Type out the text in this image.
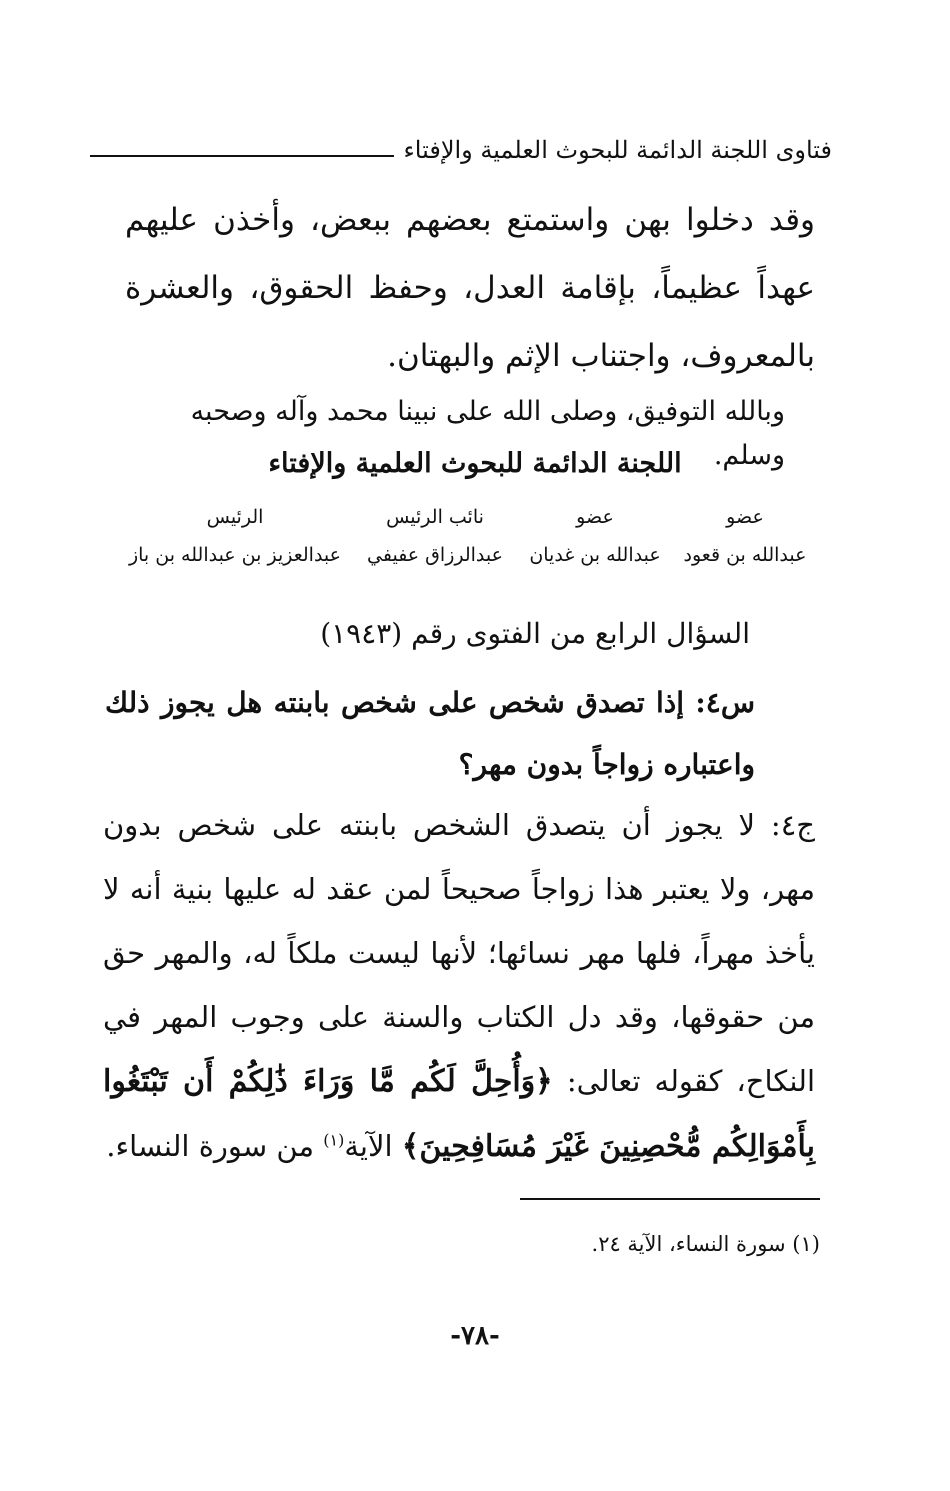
فتاوى اللجنة الدائمة للبحوث العلمية والإفتاء
وقد دخلوا بهن واستمتع بعضهم ببعض، وأخذن عليهم عهداً عظيماً، بإقامة العدل، وحفظ الحقوق، والعشرة بالمعروف، واجتناب الإثم والبهتان.
وبالله التوفيق، وصلى الله على نبينا محمد وآله وصحبه وسلم.
اللجنة الدائمة للبحوث العلمية والإفتاء
عضو
عبدالله بن قعود
عضو
عبدالله بن غديان
نائب الرئيس
عبدالرزاق عفيفي
الرئيس
عبدالعزيز بن عبدالله بن باز
السؤال الرابع من الفتوى رقم (١٩٤٣)
س٤: إذا تصدق شخص على شخص بابنته هل يجوز ذلك واعتباره زواجاً بدون مهر؟
ج٤: لا يجوز أن يتصدق الشخص بابنته على شخص بدون مهر، ولا يعتبر هذا زواجاً صحيحاً لمن عقد له عليها بنية أنه لا يأخذ مهراً، فلها مهر نسائها؛ لأنها ليست ملكاً له، والمهر حق من حقوقها، وقد دل الكتاب والسنة على وجوب المهر في النكاح، كقوله تعالى: ﴿وَأُحِلَّ لَكُم مَّا وَرَاءَ ذَٰلِكُمْ أَن تَبْتَغُوا بِأَمْوَالِكُم مُّحْصِنِينَ غَيْرَ مُسَافِحِينَ﴾ الآية$^{(١)}$ من سورة النساء.
(١) سورة النساء، الآية ٢٤.
-٧٨-
